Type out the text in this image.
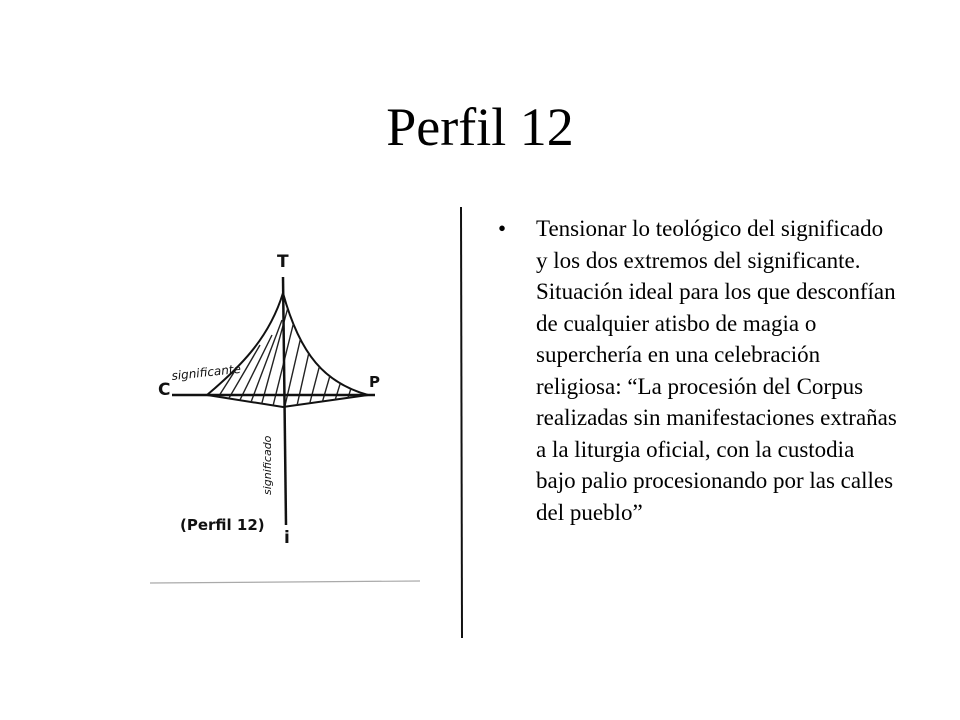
Perfil 12
T
C	P
i
significante
significado
(Perfil 12)
• Tensionar lo teológico del significado y los dos extremos del significante. Situación ideal para los que desconfían de cualquier atisbo de magia o superchería en una celebración religiosa: “La procesión del Corpus realizadas sin manifestaciones extrañas a la liturgia oficial, con la custodia bajo palio procesionando por las calles del pueblo”
